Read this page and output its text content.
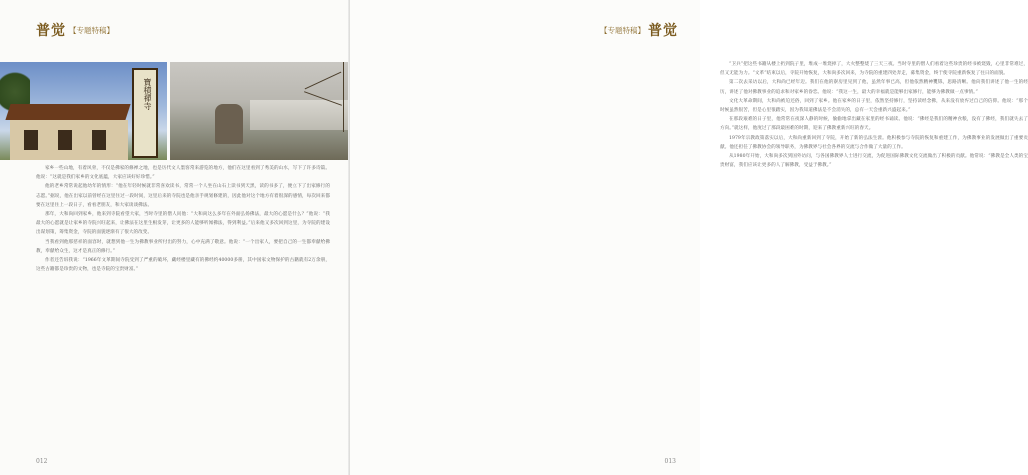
普觉 【专题特稿】
寶積禪寺

家乡一些山地，有着风骨，不仅是佛家的修禅之地，也是历代文人墨客常来游览的地方，他们在这里看到了秀美的山水，写下了许多诗篇。他说：“这就是我们家乡的文化底蕴，大家应该好好珍惜。”

他的老乡常常说起他幼年的情形：“他在年轻时候就非常喜欢读书，常常一个人坐在山石上读书到天黑，读的书多了，便立下了出家修行的志愿。”据说，他在出家以前曾经在这里住过一段时间，这里后来的寺院也是他亲手规划修建的，因此他对这个地方有着很深的感情，每次回来都要在这里住上一段日子，看看老朋友，和大家谈谈佛法。

那年，大和尚回到家乡，他来到寺院看望大家，当时寺里的僧人问他：“大和尚这么多年在外面弘扬佛法，最大的心愿是什么？”他说：“我最大的心愿就是让家乡的寺院兴旺起来，让佛法在这里生根发芽，让更多的人能够听闻佛法，得到利益。”后来他又多次回到这里，为寺院的建设出谋划策，筹集资金，寺院的面貌逐渐有了很大的改变。

当我看到他那慈祥的面容时，就想到他一生为佛教事业所付出的努力，心中充满了敬意。他说：“一个出家人，要把自己的一生都奉献给佛教，奉献给众生，这才是真正的修行。”

作者还告诉我说：“1966年文革期间寺院受到了严重的破坏，藏经楼里藏有的佛经约40000多册，其中国家文物保护的古籍就有2万余册，这些古籍都是珍贵的文物，也是寺院的宝贵财富。”

012
【专题特稿】 普觉

“卫兵”把这些书籍从楼上扔到院子里，堆成一堆烧掉了，大火整整烧了三天三夜。当时寺里的僧人们看着这些珍贵的经书被烧毁，心里非常难过，但又无能为力。“文革”结束以后，寺院开始恢复，大和尚多次回来，为寺院的重建四处奔走，募集资金，终于使寺院重新恢复了往日的面貌。

第二次去采访以后，大和尚已经年迈。我们在他的寮房里见到了他，虽然年事已高，但他依然精神矍铄，思路清晰。他向我们讲述了他一生的经历，讲述了他对佛教事业的追求和对家乡的眷恋。他说：“我这一生，最大的幸福就是能够出家修行，能够为佛教做一点事情。”

文化大革命期间，大和尚被迫还俗，回到了家乡。他在家乡的日子里，依然坚持修行，坚持读经念佛，从来没有放弃过自己的信仰。他说：“那个时候虽然很苦，但是心里很踏实，因为我知道佛法是不会消失的，总有一天会重新兴盛起来。”

在那段艰难的日子里，他常常在夜深人静的时候，偷偷地拿出藏在家里的经书诵读。他说：“佛经是我们的精神食粮，没有了佛经，我们就失去了方向。”就这样，他度过了那段最困难的时期，迎来了佛教重新兴旺的春天。

1979年宗教政策落实以后，大和尚重新回到了寺院，开始了新的弘法生涯。他积极参与寺院的恢复和重建工作，为佛教事业的发展做出了重要贡献。他还担任了佛教协会的领导职务，为佛教界与社会各界的交流与合作做了大量的工作。

从1980年开始，大和尚多次到国外访问，与各国佛教界人士进行交流，为促进国际佛教文化交流做出了积极的贡献。他常说：“佛教是全人类的宝贵财富，我们应该让更多的人了解佛教，受益于佛教。”

013
